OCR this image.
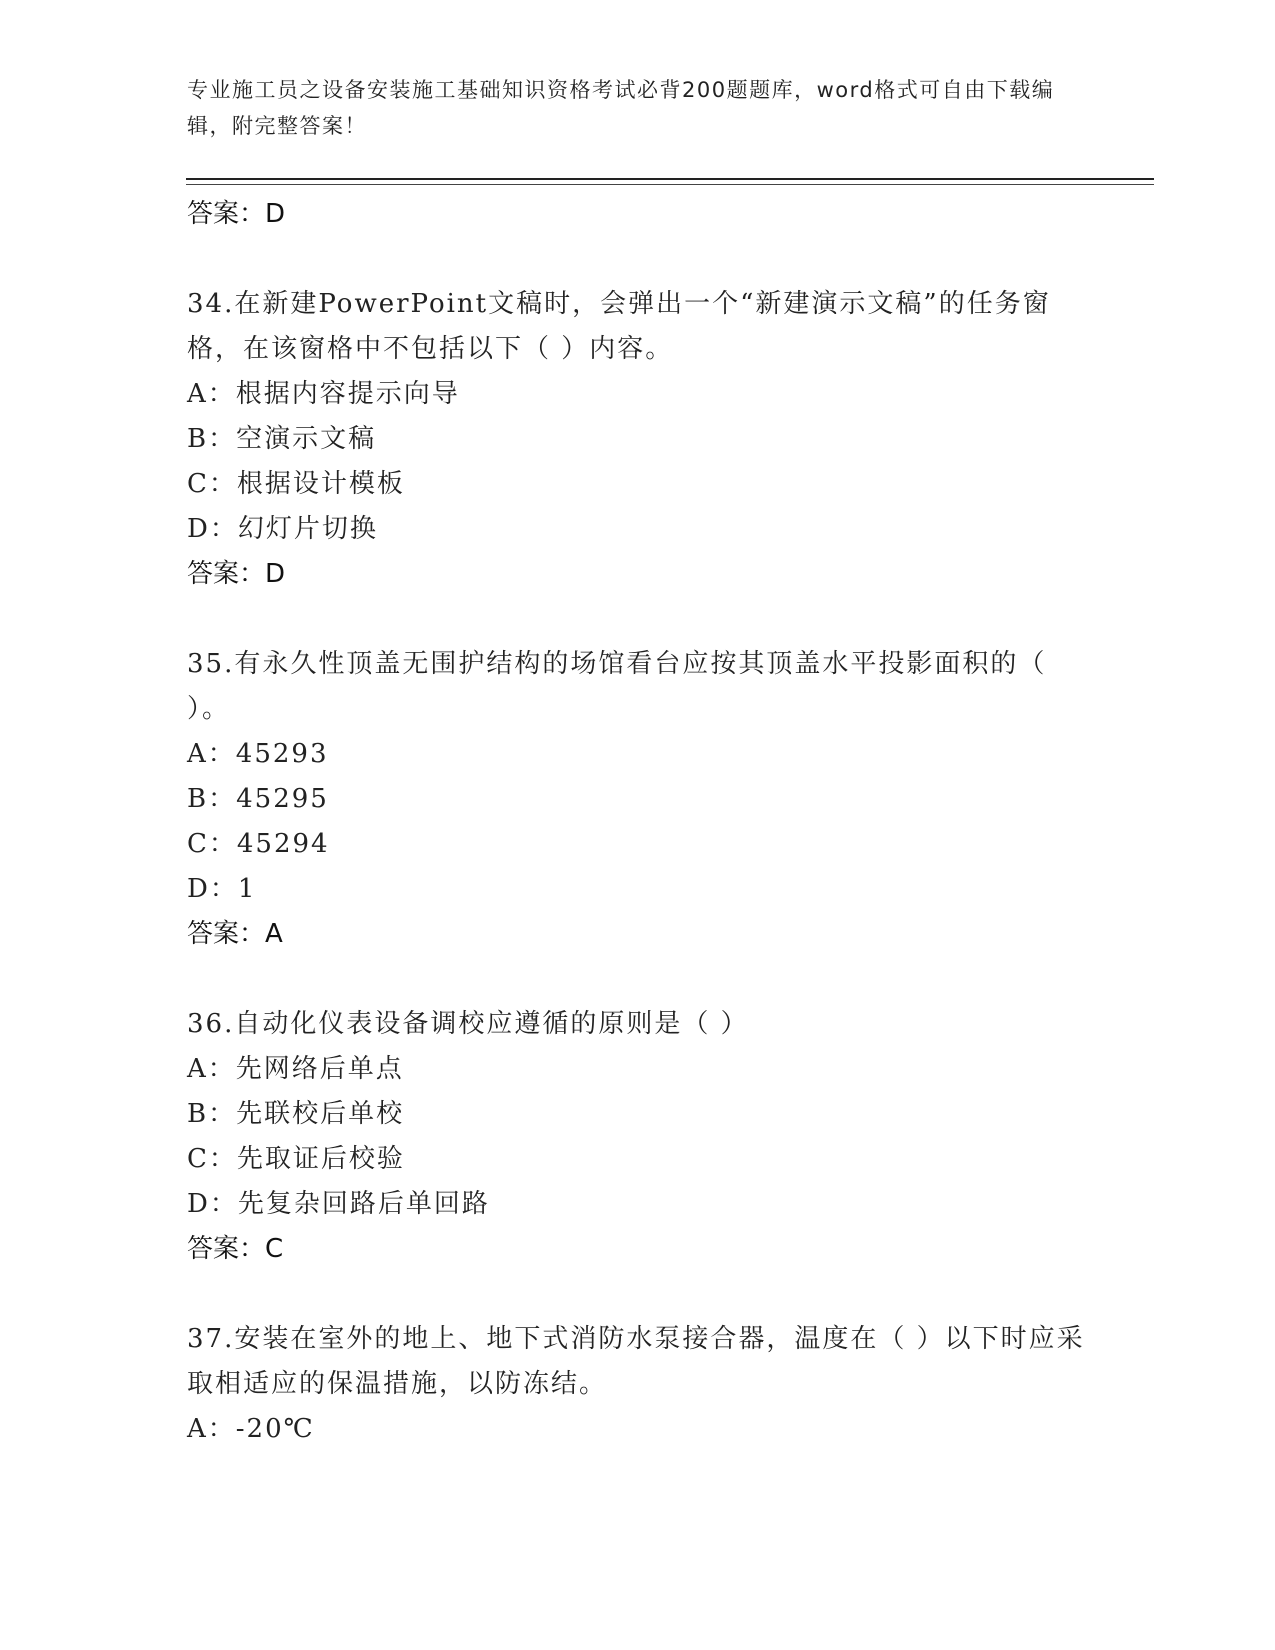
专业施工员之设备安装施工基础知识资格考试必背200题题库，word格式可自由下载编辑，附完整答案！
答案：D
34.在新建PowerPoint文稿时，会弹出一个“新建演示文稿”的任务窗格，在该窗格中不包括以下（ ）内容。
A：根据内容提示向导
B：空演示文稿
C：根据设计模板
D：幻灯片切换
答案：D
35.有永久性顶盖无围护结构的场馆看台应按其顶盖水平投影面积的（ ）。
A：45293
B：45295
C：45294
D：1
答案：A
36.自动化仪表设备调校应遵循的原则是（ ）
A：先网络后单点
B：先联校后单校
C：先取证后校验
D：先复杂回路后单回路
答案：C
37.安装在室外的地上、地下式消防水泵接合器，温度在（ ）以下时应采取相适应的保温措施，以防冻结。
A：-20℃
